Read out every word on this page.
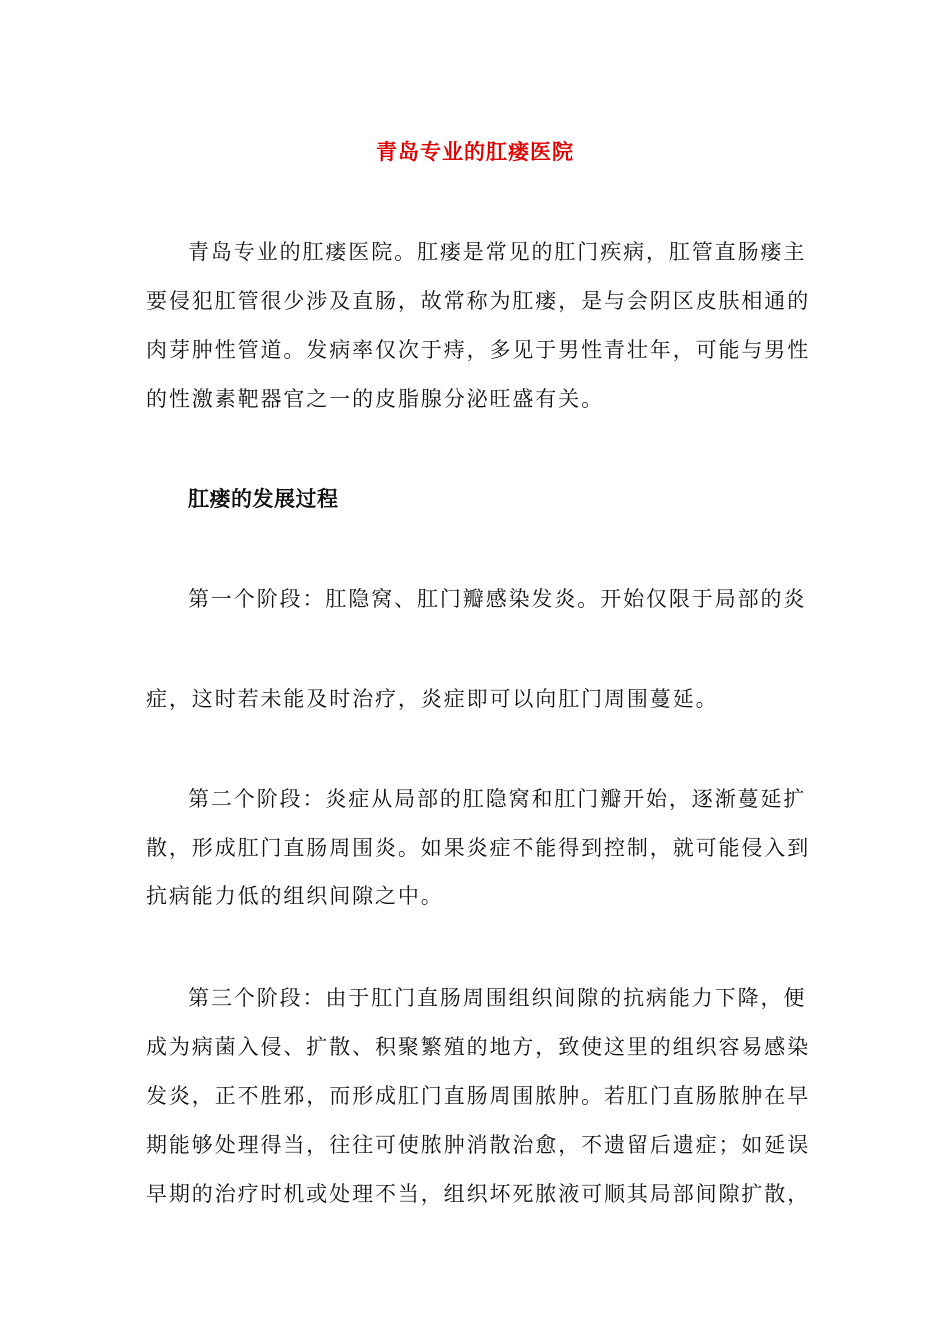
青岛专业的肛瘘医院
青岛专业的肛瘘医院。肛瘘是常见的肛门疾病，肛管直肠瘘主
要侵犯肛管很少涉及直肠，故常称为肛瘘，是与会阴区皮肤相通的
肉芽肿性管道。发病率仅次于痔，多见于男性青壮年，可能与男性
的性激素靶器官之一的皮脂腺分泌旺盛有关。
肛瘘的发展过程
第一个阶段：肛隐窝、肛门瓣感染发炎。开始仅限于局部的炎
症，这时若未能及时治疗，炎症即可以向肛门周围蔓延。
第二个阶段：炎症从局部的肛隐窝和肛门瓣开始，逐渐蔓延扩
散，形成肛门直肠周围炎。如果炎症不能得到控制，就可能侵入到
抗病能力低的组织间隙之中。
第三个阶段：由于肛门直肠周围组织间隙的抗病能力下降，便
成为病菌入侵、扩散、积聚繁殖的地方，致使这里的组织容易感染
发炎，正不胜邪，而形成肛门直肠周围脓肿。若肛门直肠脓肿在早
期能够处理得当，往往可使脓肿消散治愈，不遗留后遗症；如延误
早期的治疗时机或处理不当，组织坏死脓液可顺其局部间隙扩散，
